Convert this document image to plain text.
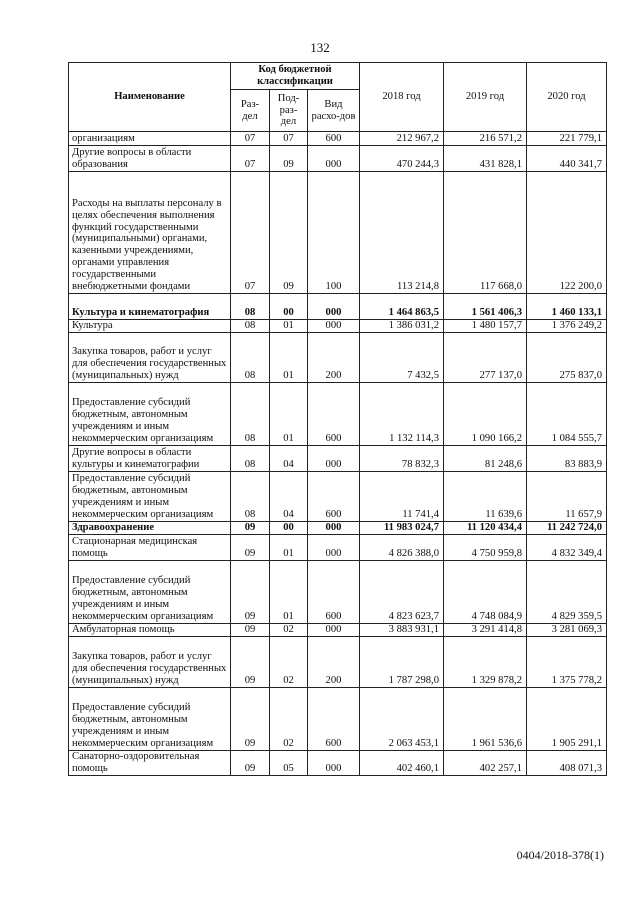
132
Наименование	Код бюджетной классификации			2018 год	2019 год	2020 год
	Раз-дел	Под-раз-дел	Вид расхо-дов			
организациям	07	07	600	212 967,2	216 571,2	221 779,1
Другие вопросы в области образования	07	09	000	470 244,3	431 828,1	440 341,7
Расходы на выплаты персоналу в целях обеспечения выполнения функций государственными (муниципальными) органами, казенными учреждениями, органами управления государственными внебюджетными фондами	07	09	100	113 214,8	117 668,0	122 200,0
Культура и кинематография	08	00	000	1 464 863,5	1 561 406,3	1 460 133,1
Культура	08	01	000	1 386 031,2	1 480 157,7	1 376 249,2
Закупка товаров, работ и услуг для обеспечения государственных (муниципальных) нужд	08	01	200	7 432,5	277 137,0	275 837,0
Предоставление субсидий бюджетным, автономным учреждениям и иным некоммерческим организациям	08	01	600	1 132 114,3	1 090 166,2	1 084 555,7
Другие вопросы в области культуры и кинематографии	08	04	000	78 832,3	81 248,6	83 883,9
Предоставление субсидий бюджетным, автономным учреждениям и иным некоммерческим организациям	08	04	600	11 741,4	11 639,6	11 657,9
Здравоохранение	09	00	000	11 983 024,7	11 120 434,4	11 242 724,0
Стационарная медицинская помощь	09	01	000	4 826 388,0	4 750 959,8	4 832 349,4
Предоставление субсидий бюджетным, автономным учреждениям и иным некоммерческим организациям	09	01	600	4 823 623,7	4 748 084,9	4 829 359,5
Амбулаторная помощь	09	02	000	3 883 931,1	3 291 414,8	3 281 069,3
Закупка товаров, работ и услуг для обеспечения государственных (муниципальных) нужд	09	02	200	1 787 298,0	1 329 878,2	1 375 778,2
Предоставление субсидий бюджетным, автономным учреждениям и иным некоммерческим организациям	09	02	600	2 063 453,1	1 961 536,6	1 905 291,1
Санаторно-оздоровительная помощь	09	05	000	402 460,1	402 257,1	408 071,3
0404/2018-378(1)
